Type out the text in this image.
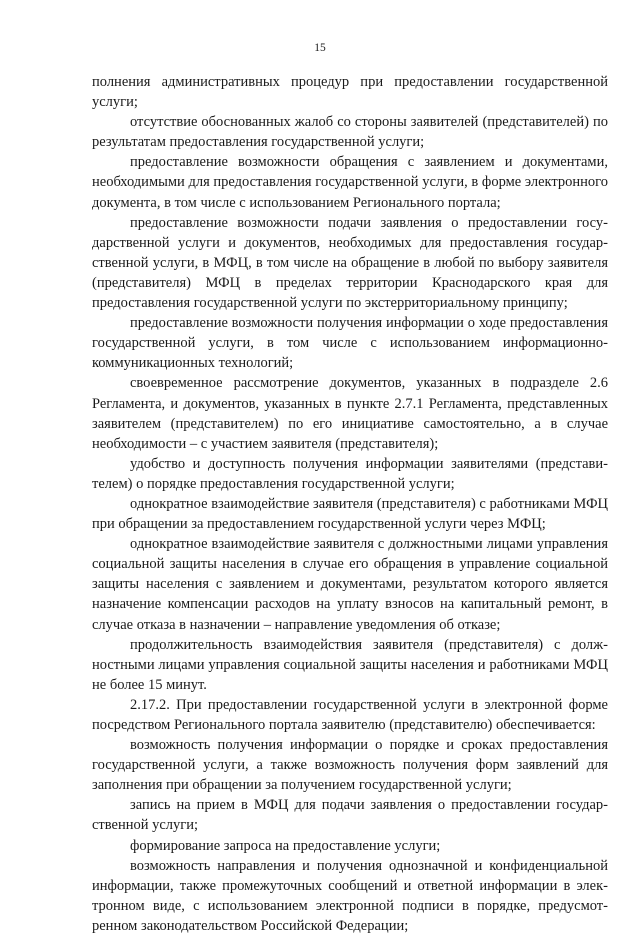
15

полнения административных процедур при предоставлении государственной услуги;

отсутствие обоснованных жалоб со стороны заявителей (представителей) по результатам предоставления государственной услуги;

предоставление возможности обращения с заявлением и документами, необходимыми для предоставления государственной услуги, в форме электронного документа, в том числе с использованием Регионального портала;

предоставление возможности подачи заявления о предоставлении государственной услуги и документов, необходимых для предоставления государственной услуги, в МФЦ, в том числе на обращение в любой по выбору заявителя (представителя) МФЦ в пределах территории Краснодарского края для предоставления государственной услуги по экстерриториальному принципу;

предоставление возможности получения информации о ходе предоставления государственной услуги, в том числе с использованием информационно-коммуникационных технологий;

своевременное рассмотрение документов, указанных в подразделе 2.6 Регламента, и документов, указанных в пункте 2.7.1 Регламента, представленных заявителем (представителем) по его инициативе самостоятельно, а в случае необходимости – с участием заявителя (представителя);

удобство и доступность получения информации заявителями (представителем) о порядке предоставления государственной услуги;

однократное взаимодействие заявителя (представителя) с работниками МФЦ при обращении за предоставлением государственной услуги через МФЦ;

однократное взаимодействие заявителя с должностными лицами управления социальной защиты населения в случае его обращения в управление социальной защиты населения с заявлением и документами, результатом которого является назначение компенсации расходов на уплату взносов на капитальный ремонт, в случае отказа в назначении – направление уведомления об отказе;

продолжительность взаимодействия заявителя (представителя) с должностными лицами управления социальной защиты населения и работниками МФЦ не более 15 минут.

2.17.2. При предоставлении государственной услуги в электронной форме посредством Регионального портала заявителю (представителю) обеспечивается:

возможность получения информации о порядке и сроках предоставления государственной услуги, а также возможность получения форм заявлений для заполнения при обращении за получением государственной услуги;

запись на прием в МФЦ для подачи заявления о предоставлении государственной услуги;

формирование запроса на предоставление услуги;

возможность направления и получения однозначной и конфиденциальной информации, также промежуточных сообщений и ответной информации в электронном виде, с использованием электронной подписи в порядке, предусмотренном законодательством Российской Федерации;
